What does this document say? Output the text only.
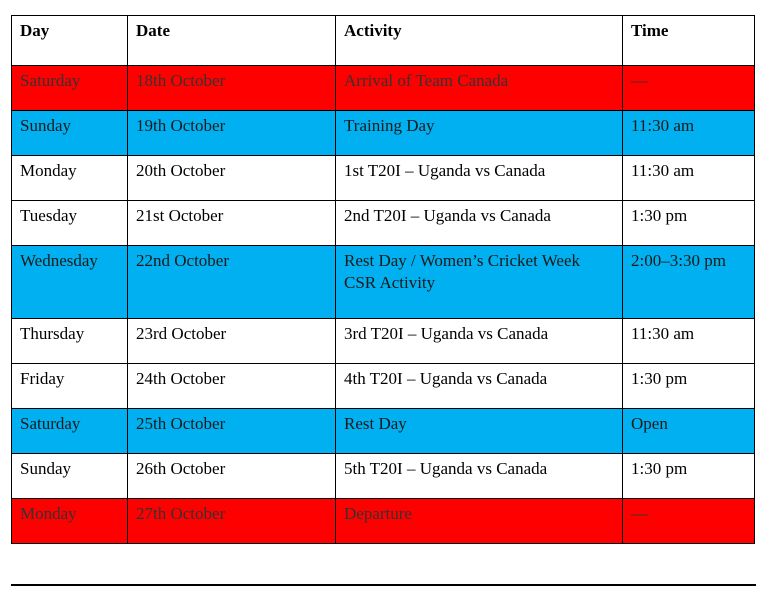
Day	Date	Activity	Time
Saturday	18th October	Arrival of Team Canada	—
Sunday	19th October	Training Day	11:30 am
Monday	20th October	1st T20I – Uganda vs Canada	11:30 am
Tuesday	21st October	2nd T20I – Uganda vs Canada	1:30 pm
Wednesday	22nd October	Rest Day / Women’s Cricket Week CSR Activity	2:00–3:30 pm
Thursday	23rd October	3rd T20I – Uganda vs Canada	11:30 am
Friday	24th October	4th T20I – Uganda vs Canada	1:30 pm
Saturday	25th October	Rest Day	Open
Sunday	26th October	5th T20I – Uganda vs Canada	1:30 pm
Monday	27th October	Departure	—
